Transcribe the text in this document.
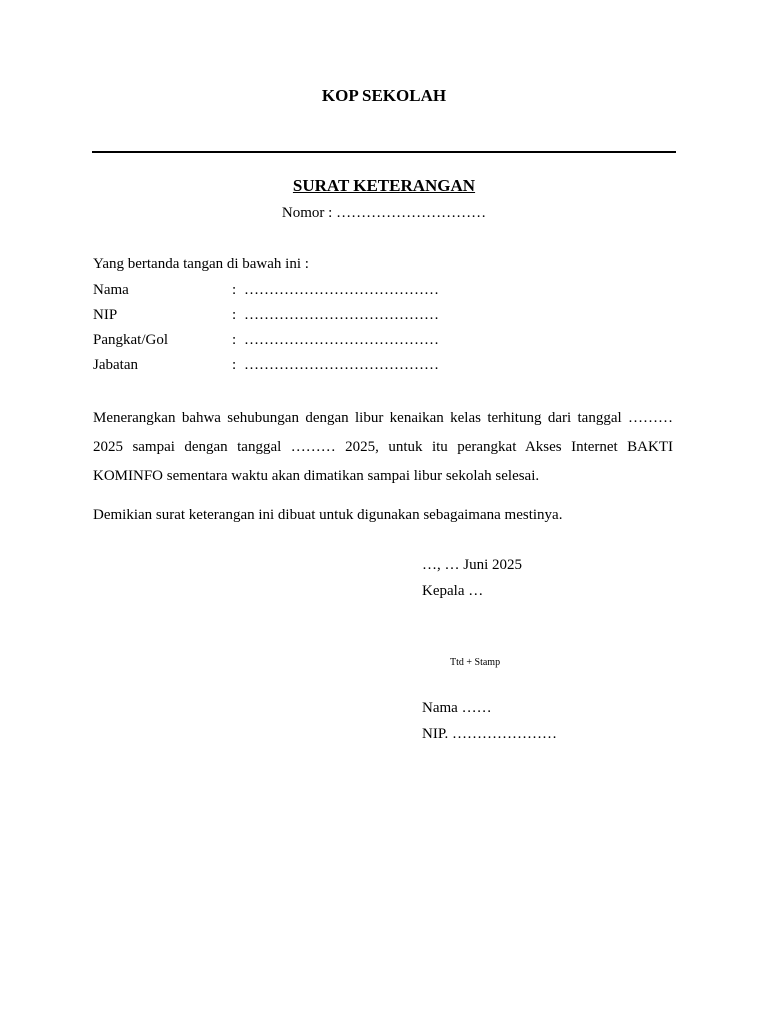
KOP SEKOLAH
SURAT KETERANGAN
Nomor : …………………………
Yang bertanda tangan di bawah ini :
Nama	: …………………………………
NIP	: …………………………………
Pangkat/Gol	: …………………………………
Jabatan	: …………………………………

Menerangkan bahwa sehubungan dengan libur kenaikan kelas terhitung dari tanggal ……… 2025 sampai dengan tanggal ……… 2025, untuk itu perangkat Akses Internet BAKTI KOMINFO sementara waktu akan dimatikan sampai libur sekolah selesai.

Demikian surat keterangan ini dibuat untuk digunakan sebagaimana mestinya.

…, … Juni 2025
Kepala …
Ttd + Stamp
Nama ……
NIP. …………………
